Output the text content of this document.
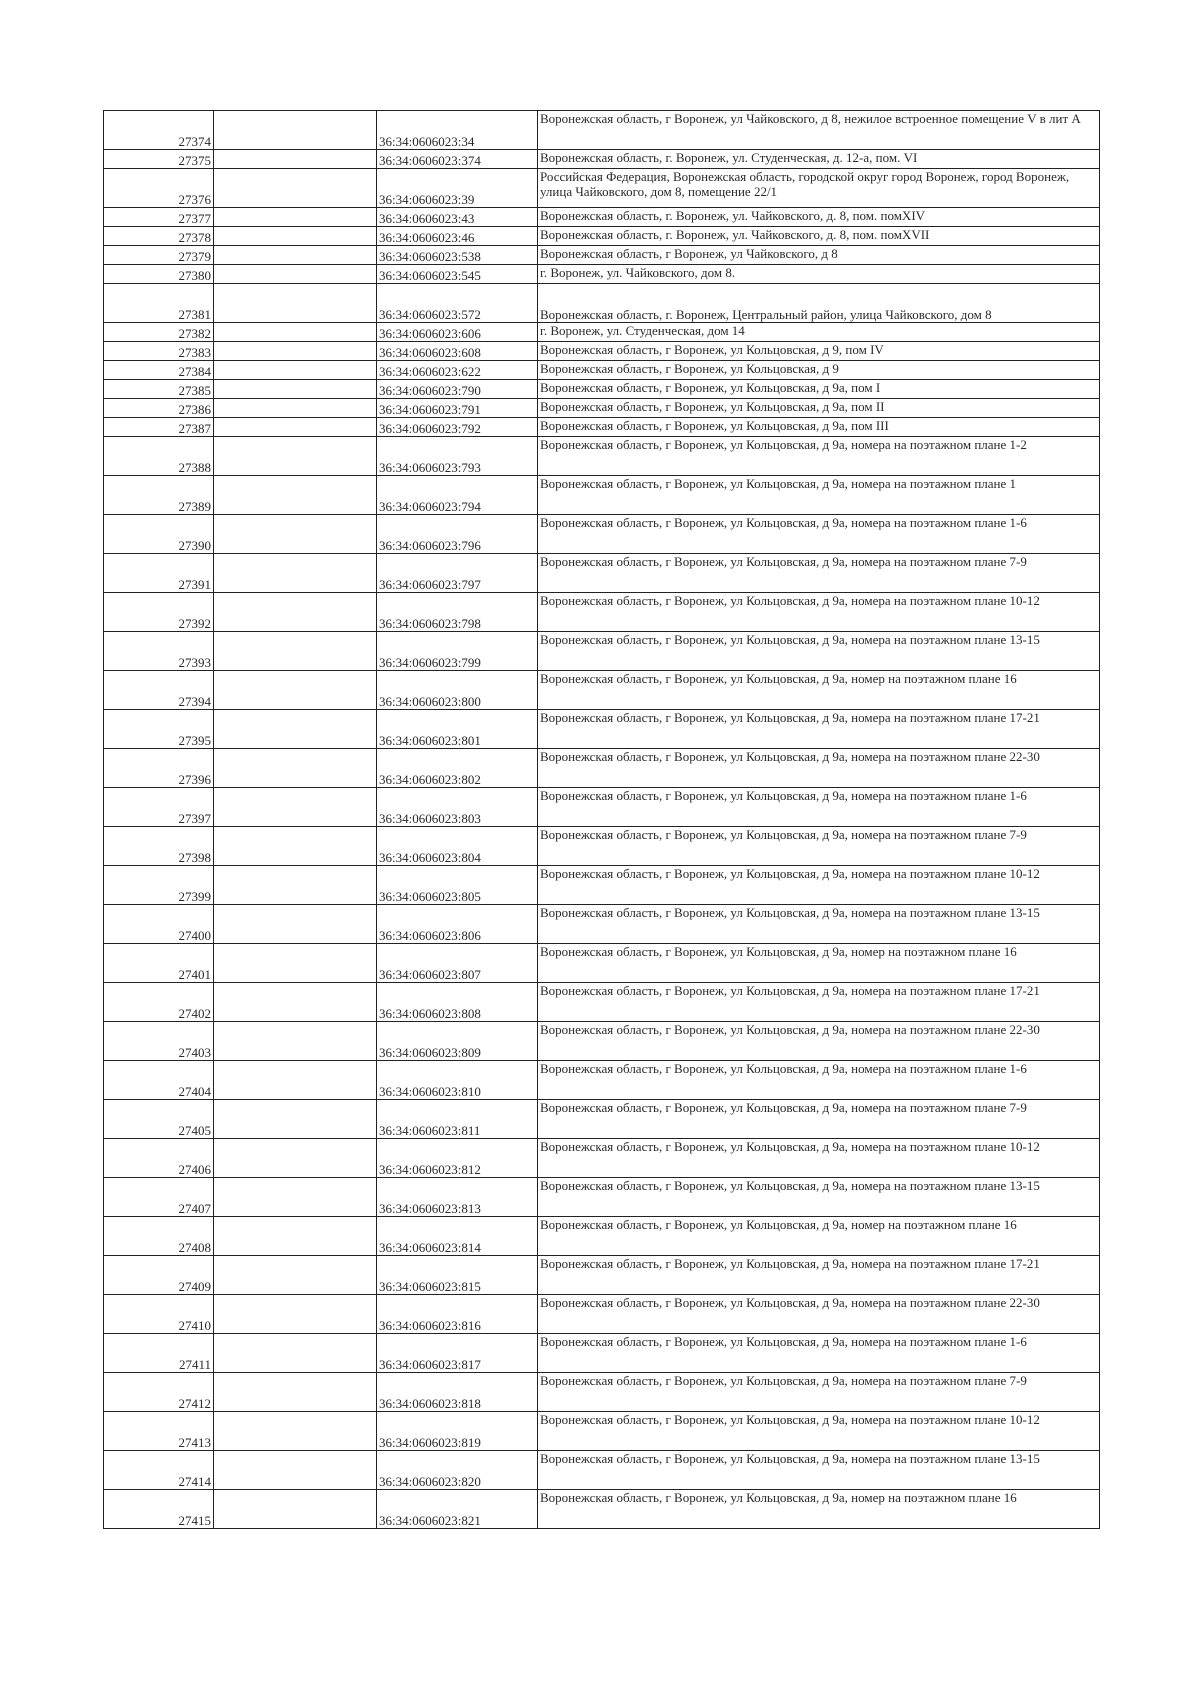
27374		36:34:0606023:34	Воронежская область, г Воронеж, ул Чайковского, д 8, нежилое встроенное помещение V в лит А
27375		36:34:0606023:374	Воронежская область, г. Воронеж, ул. Студенческая, д. 12-а, пом. VI
27376		36:34:0606023:39	Российская Федерация, Воронежская область, городской округ город Воронеж, город Воронеж, улица Чайковского, дом 8, помещение 22/1
27377		36:34:0606023:43	Воронежская область, г. Воронеж, ул. Чайковского, д. 8, пом. помXIV
27378		36:34:0606023:46	Воронежская область, г. Воронеж, ул. Чайковского, д. 8, пом. помXVII
27379		36:34:0606023:538	Воронежская область, г Воронеж, ул Чайковского, д 8
27380		36:34:0606023:545	г. Воронеж, ул. Чайковского, дом 8.
27381		36:34:0606023:572	Воронежская область, г. Воронеж, Центральный район, улица Чайковского, дом 8
27382		36:34:0606023:606	г. Воронеж, ул. Студенческая, дом 14
27383		36:34:0606023:608	Воронежская область, г Воронеж, ул Кольцовская, д 9, пом IV
27384		36:34:0606023:622	Воронежская область, г Воронеж, ул Кольцовская, д 9
27385		36:34:0606023:790	Воронежская область, г Воронеж, ул Кольцовская, д 9а, пом I
27386		36:34:0606023:791	Воронежская область, г Воронеж, ул Кольцовская, д 9а, пом II
27387		36:34:0606023:792	Воронежская область, г Воронеж, ул Кольцовская, д 9а, пом III
27388		36:34:0606023:793	Воронежская область, г Воронеж, ул Кольцовская, д 9а, номера на поэтажном плане 1-2
27389		36:34:0606023:794	Воронежская область, г Воронеж, ул Кольцовская, д 9а, номера на поэтажном плане 1
27390		36:34:0606023:796	Воронежская область, г Воронеж, ул Кольцовская, д 9а, номера на поэтажном плане 1-6
27391		36:34:0606023:797	Воронежская область, г Воронеж, ул Кольцовская, д 9а, номера на поэтажном плане 7-9
27392		36:34:0606023:798	Воронежская область, г Воронеж, ул Кольцовская, д 9а, номера на поэтажном плане 10-12
27393		36:34:0606023:799	Воронежская область, г Воронеж, ул Кольцовская, д 9а, номера на поэтажном плане 13-15
27394		36:34:0606023:800	Воронежская область, г Воронеж, ул Кольцовская, д 9а, номер на поэтажном плане 16
27395		36:34:0606023:801	Воронежская область, г Воронеж, ул Кольцовская, д 9а, номера на поэтажном плане 17-21
27396		36:34:0606023:802	Воронежская область, г Воронеж, ул Кольцовская, д 9а, номера на поэтажном плане 22-30
27397		36:34:0606023:803	Воронежская область, г Воронеж, ул Кольцовская, д 9а, номера на поэтажном плане 1-6
27398		36:34:0606023:804	Воронежская область, г Воронеж, ул Кольцовская, д 9а, номера на поэтажном плане 7-9
27399		36:34:0606023:805	Воронежская область, г Воронеж, ул Кольцовская, д 9а, номера на поэтажном плане 10-12
27400		36:34:0606023:806	Воронежская область, г Воронеж, ул Кольцовская, д 9а, номера на поэтажном плане 13-15
27401		36:34:0606023:807	Воронежская область, г Воронеж, ул Кольцовская, д 9а, номер на поэтажном плане 16
27402		36:34:0606023:808	Воронежская область, г Воронеж, ул Кольцовская, д 9а, номера на поэтажном плане 17-21
27403		36:34:0606023:809	Воронежская область, г Воронеж, ул Кольцовская, д 9а, номера на поэтажном плане 22-30
27404		36:34:0606023:810	Воронежская область, г Воронеж, ул Кольцовская, д 9а, номера на поэтажном плане 1-6
27405		36:34:0606023:811	Воронежская область, г Воронеж, ул Кольцовская, д 9а, номера на поэтажном плане 7-9
27406		36:34:0606023:812	Воронежская область, г Воронеж, ул Кольцовская, д 9а, номера на поэтажном плане 10-12
27407		36:34:0606023:813	Воронежская область, г Воронеж, ул Кольцовская, д 9а, номера на поэтажном плане 13-15
27408		36:34:0606023:814	Воронежская область, г Воронеж, ул Кольцовская, д 9а, номер на поэтажном плане 16
27409		36:34:0606023:815	Воронежская область, г Воронеж, ул Кольцовская, д 9а, номера на поэтажном плане 17-21
27410		36:34:0606023:816	Воронежская область, г Воронеж, ул Кольцовская, д 9а, номера на поэтажном плане 22-30
27411		36:34:0606023:817	Воронежская область, г Воронеж, ул Кольцовская, д 9а, номера на поэтажном плане 1-6
27412		36:34:0606023:818	Воронежская область, г Воронеж, ул Кольцовская, д 9а, номера на поэтажном плане 7-9
27413		36:34:0606023:819	Воронежская область, г Воронеж, ул Кольцовская, д 9а, номера на поэтажном плане 10-12
27414		36:34:0606023:820	Воронежская область, г Воронеж, ул Кольцовская, д 9а, номера на поэтажном плане 13-15
27415		36:34:0606023:821	Воронежская область, г Воронеж, ул Кольцовская, д 9а, номер на поэтажном плане 16
